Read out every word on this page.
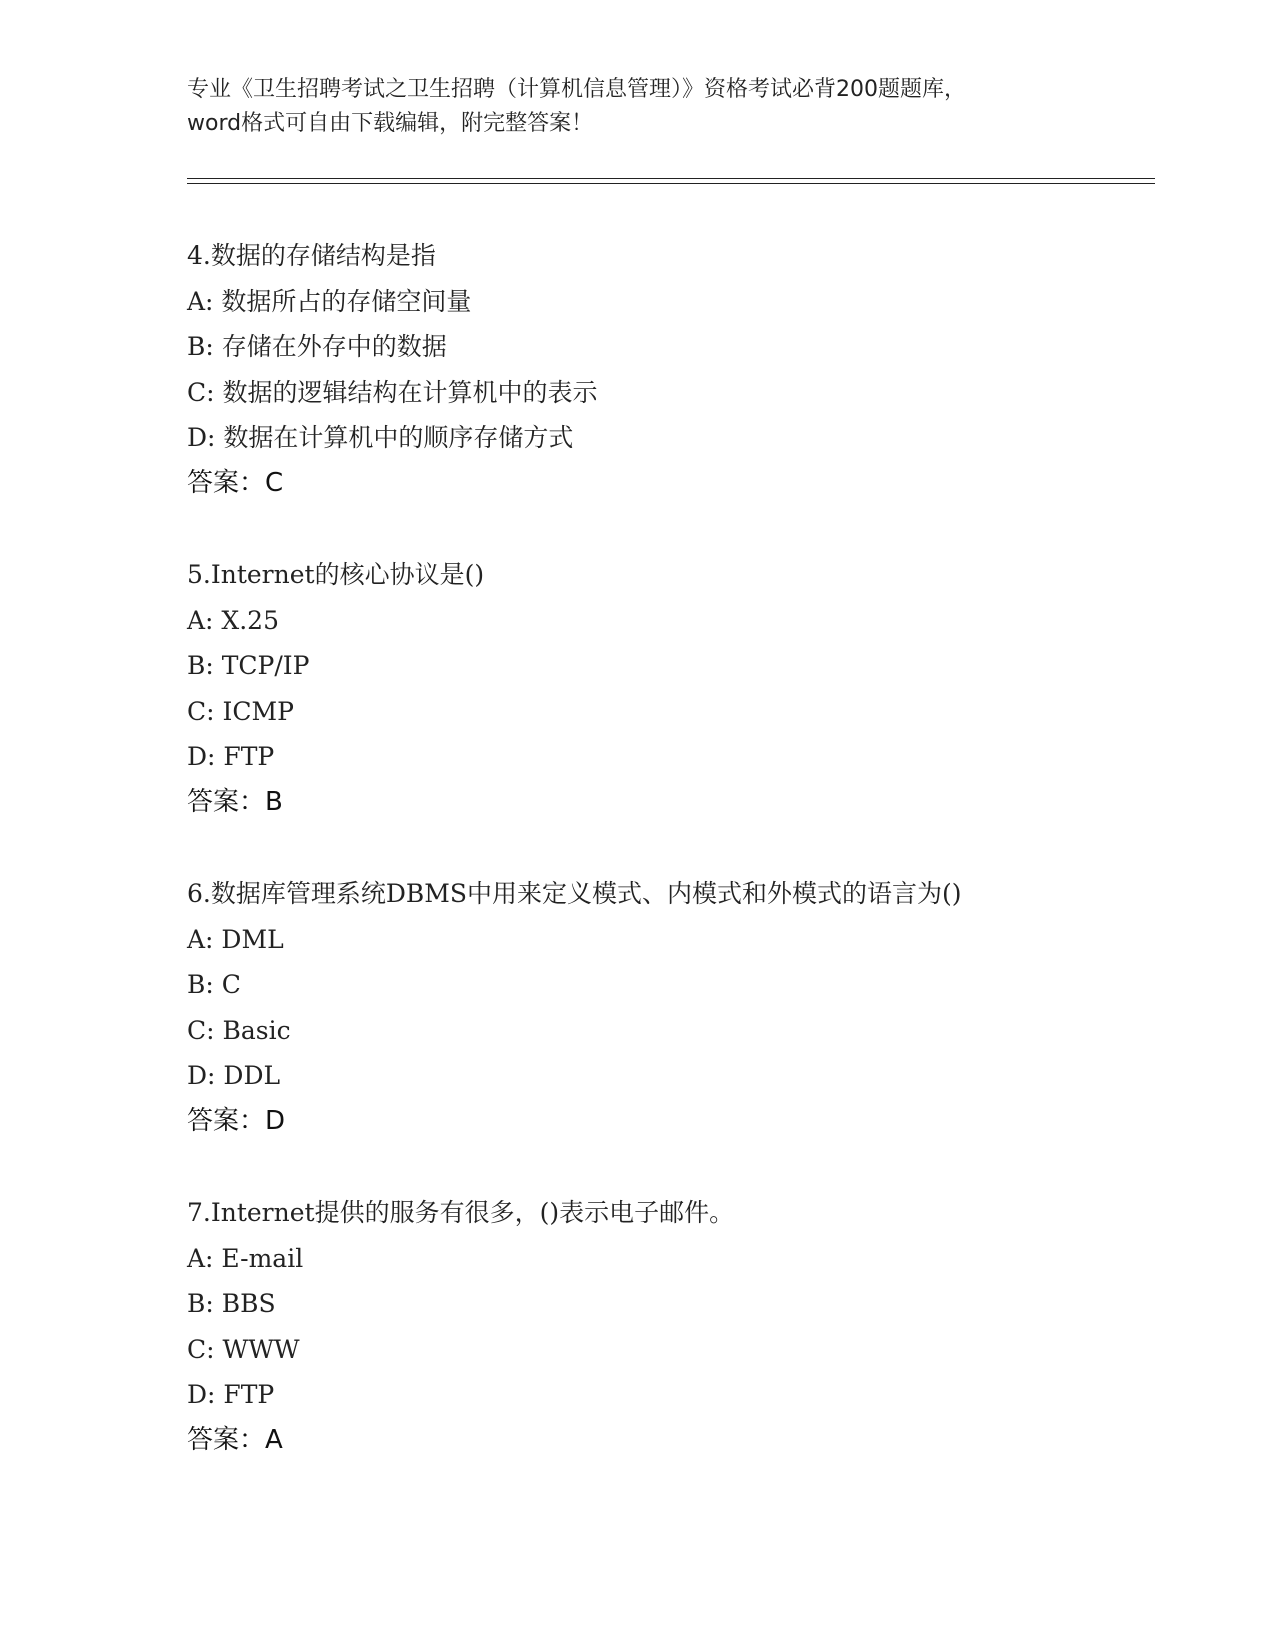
专业《卫生招聘考试之卫生招聘（计算机信息管理）》资格考试必背200题题库，
word格式可自由下载编辑，附完整答案！
4.数据的存储结构是指
A: 数据所占的存储空间量
B: 存储在外存中的数据
C: 数据的逻辑结构在计算机中的表示
D: 数据在计算机中的顺序存储方式
答案：C
5.Internet的核心协议是()
A: X.25
B: TCP/IP
C: ICMP
D: FTP
答案：B
6.数据库管理系统DBMS中用来定义模式、内模式和外模式的语言为()
A: DML
B: C
C: Basic
D: DDL
答案：D
7.Internet提供的服务有很多，()表示电子邮件。
A: E-mail
B: BBS
C: WWW
D: FTP
答案：A
